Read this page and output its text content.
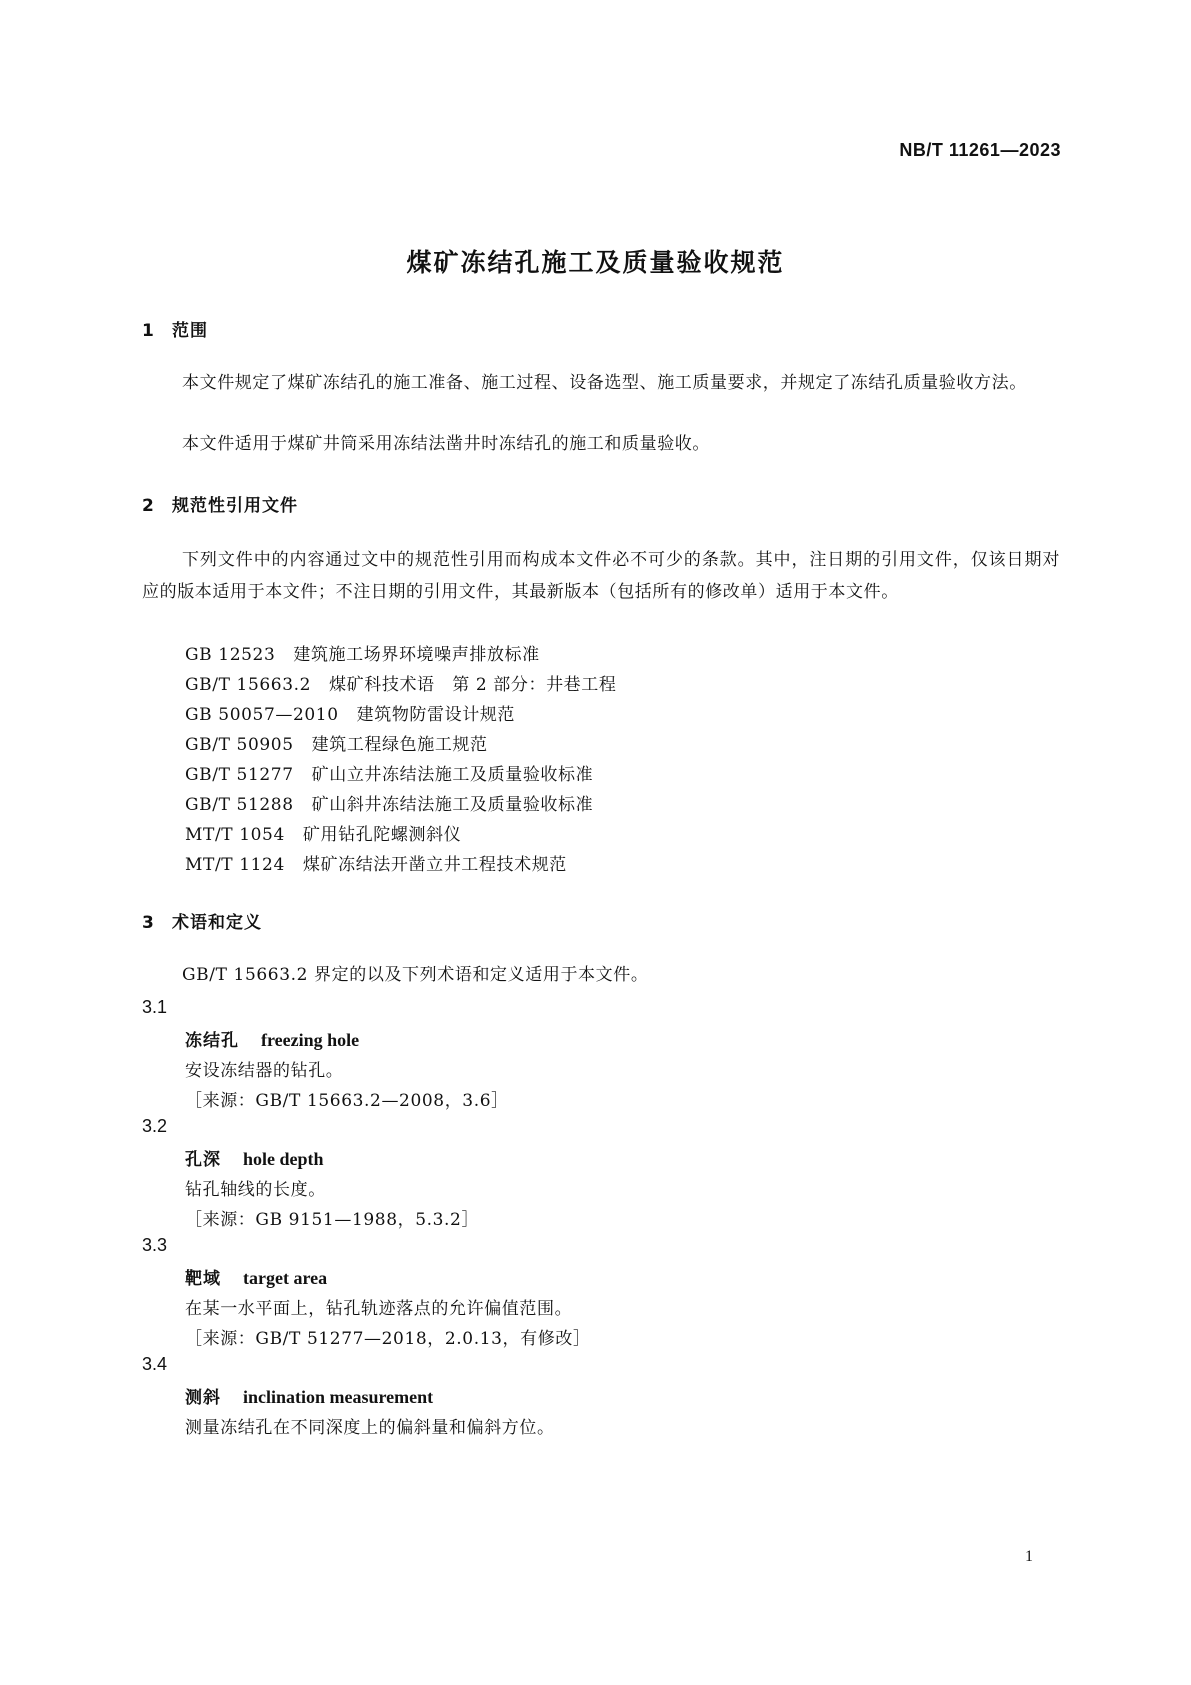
NB/T 11261—2023
煤矿冻结孔施工及质量验收规范
1 范围
本文件规定了煤矿冻结孔的施工准备、施工过程、设备选型、施工质量要求，并规定了冻结孔质量验收方法。
本文件适用于煤矿井筒采用冻结法凿井时冻结孔的施工和质量验收。
2 规范性引用文件
下列文件中的内容通过文中的规范性引用而构成本文件必不可少的条款。其中，注日期的引用文件，仅该日期对应的版本适用于本文件；不注日期的引用文件，其最新版本（包括所有的修改单）适用于本文件。
GB 12523 建筑施工场界环境噪声排放标准
GB/T 15663.2 煤矿科技术语　第 2 部分：井巷工程
GB 50057—2010 建筑物防雷设计规范
GB/T 50905 建筑工程绿色施工规范
GB/T 51277 矿山立井冻结法施工及质量验收标准
GB/T 51288 矿山斜井冻结法施工及质量验收标准
MT/T 1054 矿用钻孔陀螺测斜仪
MT/T 1124 煤矿冻结法开凿立井工程技术规范
3 术语和定义
GB/T 15663.2 界定的以及下列术语和定义适用于本文件。
3.1
冻结孔 freezing hole
安设冻结器的钻孔。
［来源：GB/T 15663.2—2008，3.6］
3.2
孔深 hole depth
钻孔轴线的长度。
［来源：GB 9151—1988，5.3.2］
3.3
靶域 target area
在某一水平面上，钻孔轨迹落点的允许偏值范围。
［来源：GB/T 51277—2018，2.0.13，有修改］
3.4
测斜 inclination measurement
测量冻结孔在不同深度上的偏斜量和偏斜方位。
1
